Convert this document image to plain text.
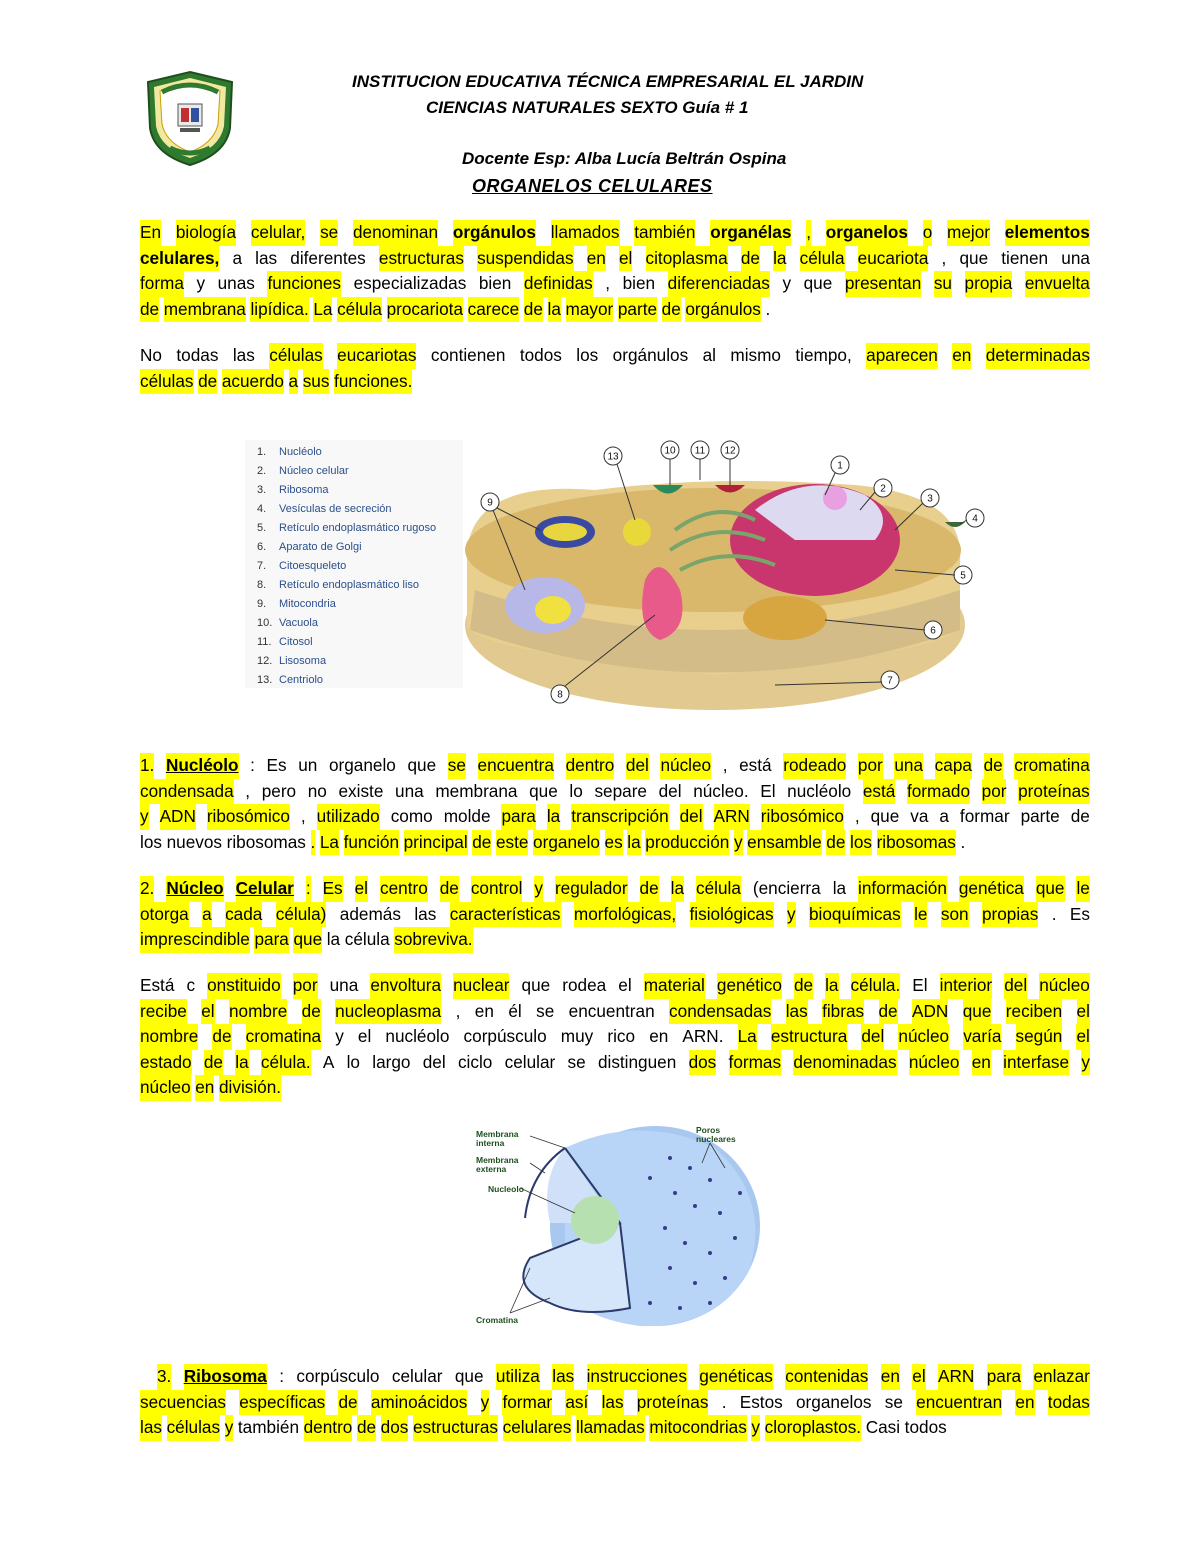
INSTITUCION EDUCATIVA TÉCNICA EMPRESARIAL EL JARDIN
CIENCIAS NATURALES SEXTO Guía # 1
Docente Esp: Alba Lucía Beltrán Ospina
ORGANELOS CELULARES
En biología celular, se denominan orgánulos llamados también organélas , organelos o mejor elementos
celulares, a las diferentes estructuras suspendidas en el citoplasma de la célula eucariota , que tienen una
forma y unas funciones especializadas bien definidas , bien diferenciadas y que presentan su propia envuelta
de membrana lipídica. La célula procariota carece de la mayor parte de orgánulos .
No todas las células eucariotas contienen todos los orgánulos al mismo tiempo, aparecen en determinadas
células de acuerdo a sus funciones.
1. Nucléolo
2. Núcleo celular
3. Ribosoma
4. Vesículas de secreción
5. Retículo endoplasmático rugoso
6. Aparato de Golgi
7. Citoesqueleto
8. Retículo endoplasmático liso
9. Mitocondria
10. Vacuola
11. Citosol
12. Lisosoma
13. Centriolo
1
2
3
4
5
6
7
8
9
10 11 12
13
1. Nucléolo : Es un organelo que se encuentra dentro del núcleo , está rodeado por una capa de cromatina
condensada , pero no existe una membrana que lo separe del núcleo. El nucléolo está formado por proteínas
y ADN ribosómico , utilizado como molde para la transcripción del ARN ribosómico , que va a formar parte de
los nuevos ribosomas . La función principal de este organelo es la producción y ensamble de los ribosomas .
2. Núcleo Celular : Es el centro de control y regulador de la célula (encierra la información genética que le
otorga a cada célula) además las características morfológicas, fisiológicas y bioquímicas le son propias . Es
imprescindible para que la célula sobreviva.
Está c onstituido por una envoltura nuclear que rodea el material genético de la célula. El interior del núcleo
recibe el nombre de nucleoplasma , en él se encuentran condensadas las fibras de ADN que reciben el
nombre de cromatina y el nucléolo corpúsculo muy rico en ARN. La estructura del núcleo varía según el
estado de la célula. A lo largo del ciclo celular se distinguen dos formas denominadas núcleo en interfase y
núcleo en división.
Membrana interna
Membrana externa
Nucleolo
Poros nucleares
Cromatina
3. Ribosoma : corpúsculo celular que utiliza las instrucciones genéticas contenidas en el ARN para enlazar
secuencias específicas de aminoácidos y formar así las proteínas . Estos organelos se encuentran en todas
las células y también dentro de dos estructuras celulares llamadas mitocondrias y cloroplastos. Casi todos
